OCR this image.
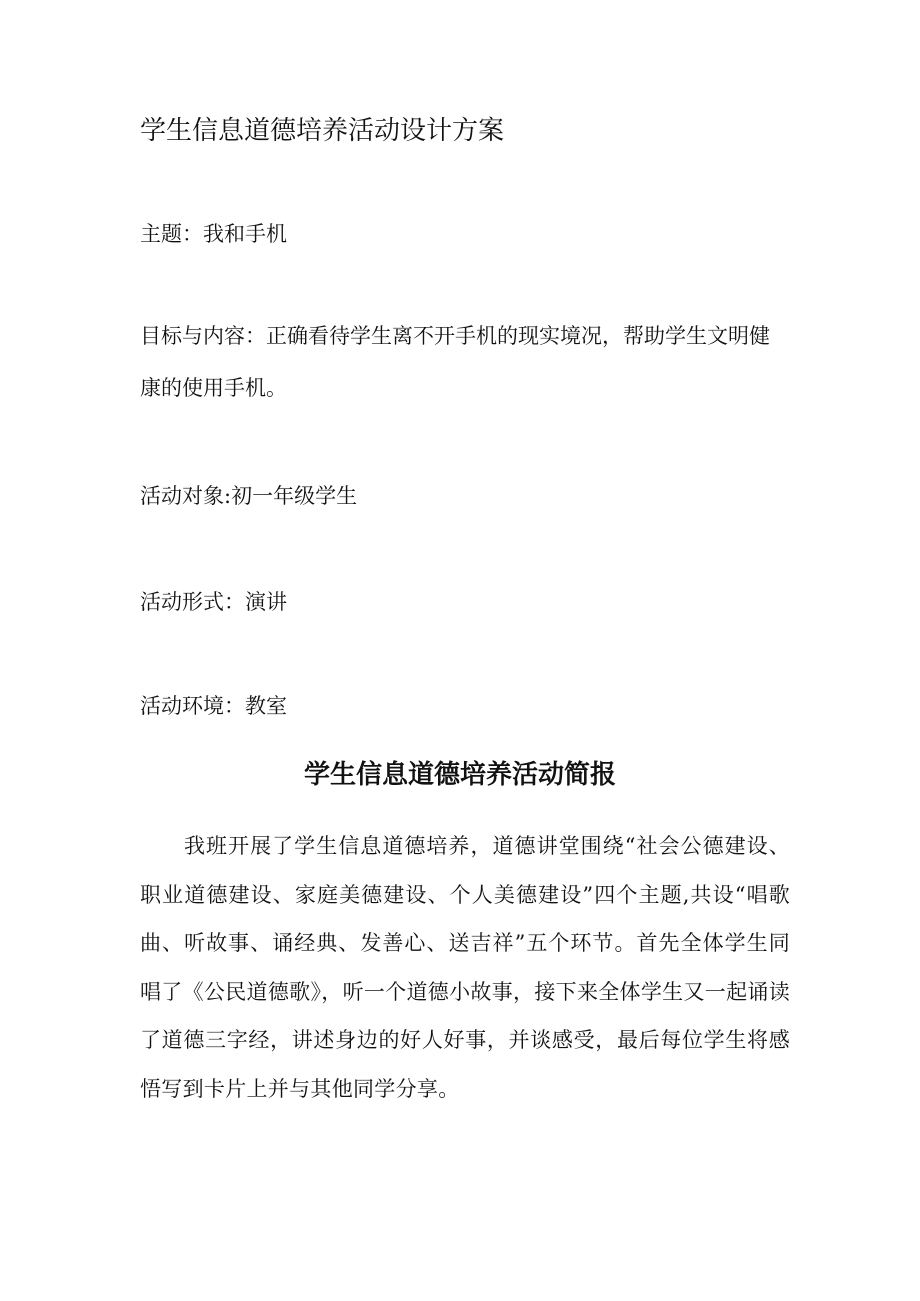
学生信息道德培养活动设计方案

主题：我和手机

目标与内容：正确看待学生离不开手机的现实境况，帮助学生文明健

康的使用手机。

活动对象:初一年级学生

活动形式：演讲

活动环境：教室

学生信息道德培养活动简报

我班开展了学生信息道德培养，道德讲堂围绕“社会公德建设、职业道德建设、家庭美德建设、个人美德建设”四个主题,共设“唱歌曲、听故事、诵经典、发善心、送吉祥”五个环节。首先全体学生同唱了《公民道德歌》，听一个道德小故事，接下来全体学生又一起诵读了道德三字经，讲述身边的好人好事，并谈感受，最后每位学生将感悟写到卡片上并与其他同学分享。
